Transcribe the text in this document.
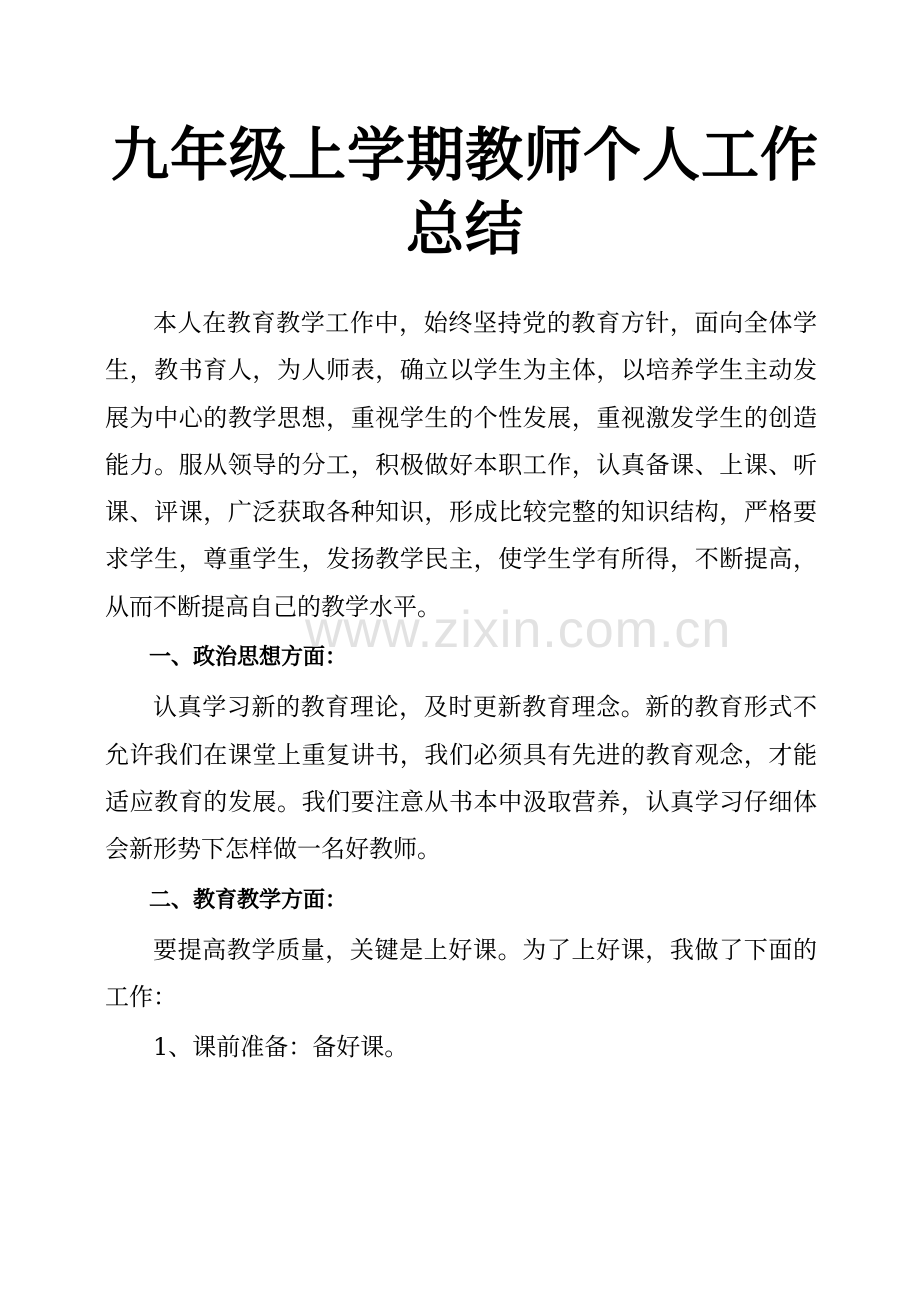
九年级上学期教师个人工作
总结

本人在教育教学工作中，始终坚持党的教育方针，面向全体学生，教书育人，为人师表，确立以学生为主体，以培养学生主动发展为中心的教学思想，重视学生的个性发展，重视激发学生的创造能力。服从领导的分工，积极做好本职工作，认真备课、上课、听课、评课，广泛获取各种知识，形成比较完整的知识结构，严格要求学生，尊重学生，发扬教学民主，使学生学有所得，不断提高，从而不断提高自己的教学水平。

一、政治思想方面：

认真学习新的教育理论，及时更新教育理念。新的教育形式不允许我们在课堂上重复讲书，我们必须具有先进的教育观念，才能适应教育的发展。我们要注意从书本中汲取营养，认真学习仔细体会新形势下怎样做一名好教师。

二、教育教学方面：

要提高教学质量，关键是上好课。为了上好课，我做了下面的工作：

1、课前准备：备好课。

www.zixin.com.cn
